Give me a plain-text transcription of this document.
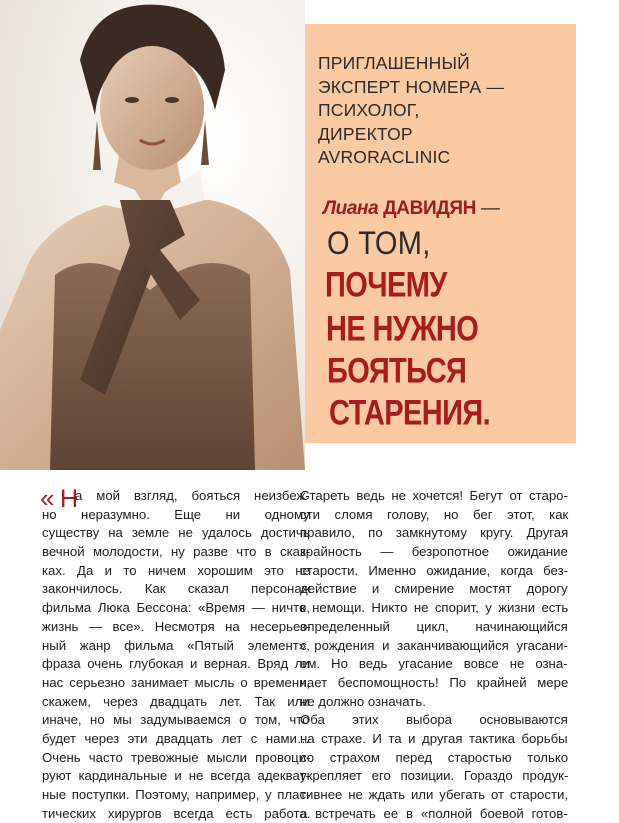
ПРИГЛАШЕННЫЙ
ЭКСПЕРТ НОМЕРА —
ПСИХОЛОГ,
ДИРЕКТОР
AVRORACLINIC

Лиана ДАВИДЯН —

О ТОМ,

ПОЧЕМУ

НЕ НУЖНО

БОЯТЬСЯ

СТАРЕНИЯ.

« Н
а мой взгляд, бояться неизбеж-
но неразумно. Еще ни одному
существу на земле не удалось достичь
вечной молодости, ну разве что в сказ-
ках. Да и то ничем хорошим это не
закончилось. Как сказал персонаж
фильма Люка Бессона: «Время — ничто,
жизнь — все». Несмотря на несерьез-
ный жанр фильма «Пятый элемент»,
фраза очень глубокая и верная. Вряд ли
нас серьезно занимает мысль о времени,
скажем, через двадцать лет. Так или
иначе, но мы задумываемся о том, что
будет через эти двадцать лет с нами…
Очень часто тревожные мысли провоци-
руют кардинальные и не всегда адекват-
ные поступки. Поэтому, например, у плас-
тических хирургов всегда есть работа.
Стареть ведь не хочется! Бегут от старо-
сти сломя голову, но бег этот, как
правило, по замкнутому кругу. Другая
крайность — безропотное ожидание
старости. Именно ожидание, когда без-
действие и смирение мостят дорогу
к немощи. Никто не спорит, у жизни есть
определенный цикл, начинающийся
с рождения и заканчивающийся угасани-
ем. Но ведь угасание вовсе не озна-
чает беспомощность! По крайней мере
не должно означать.
Оба этих выбора основываются
на страхе. И та и другая тактика борьбы
со страхом перед старостью только
укрепляет его позиции. Гораздо продук-
тивнее не ждать или убегать от старости,
а встречать ее в «полной боевой готов-
